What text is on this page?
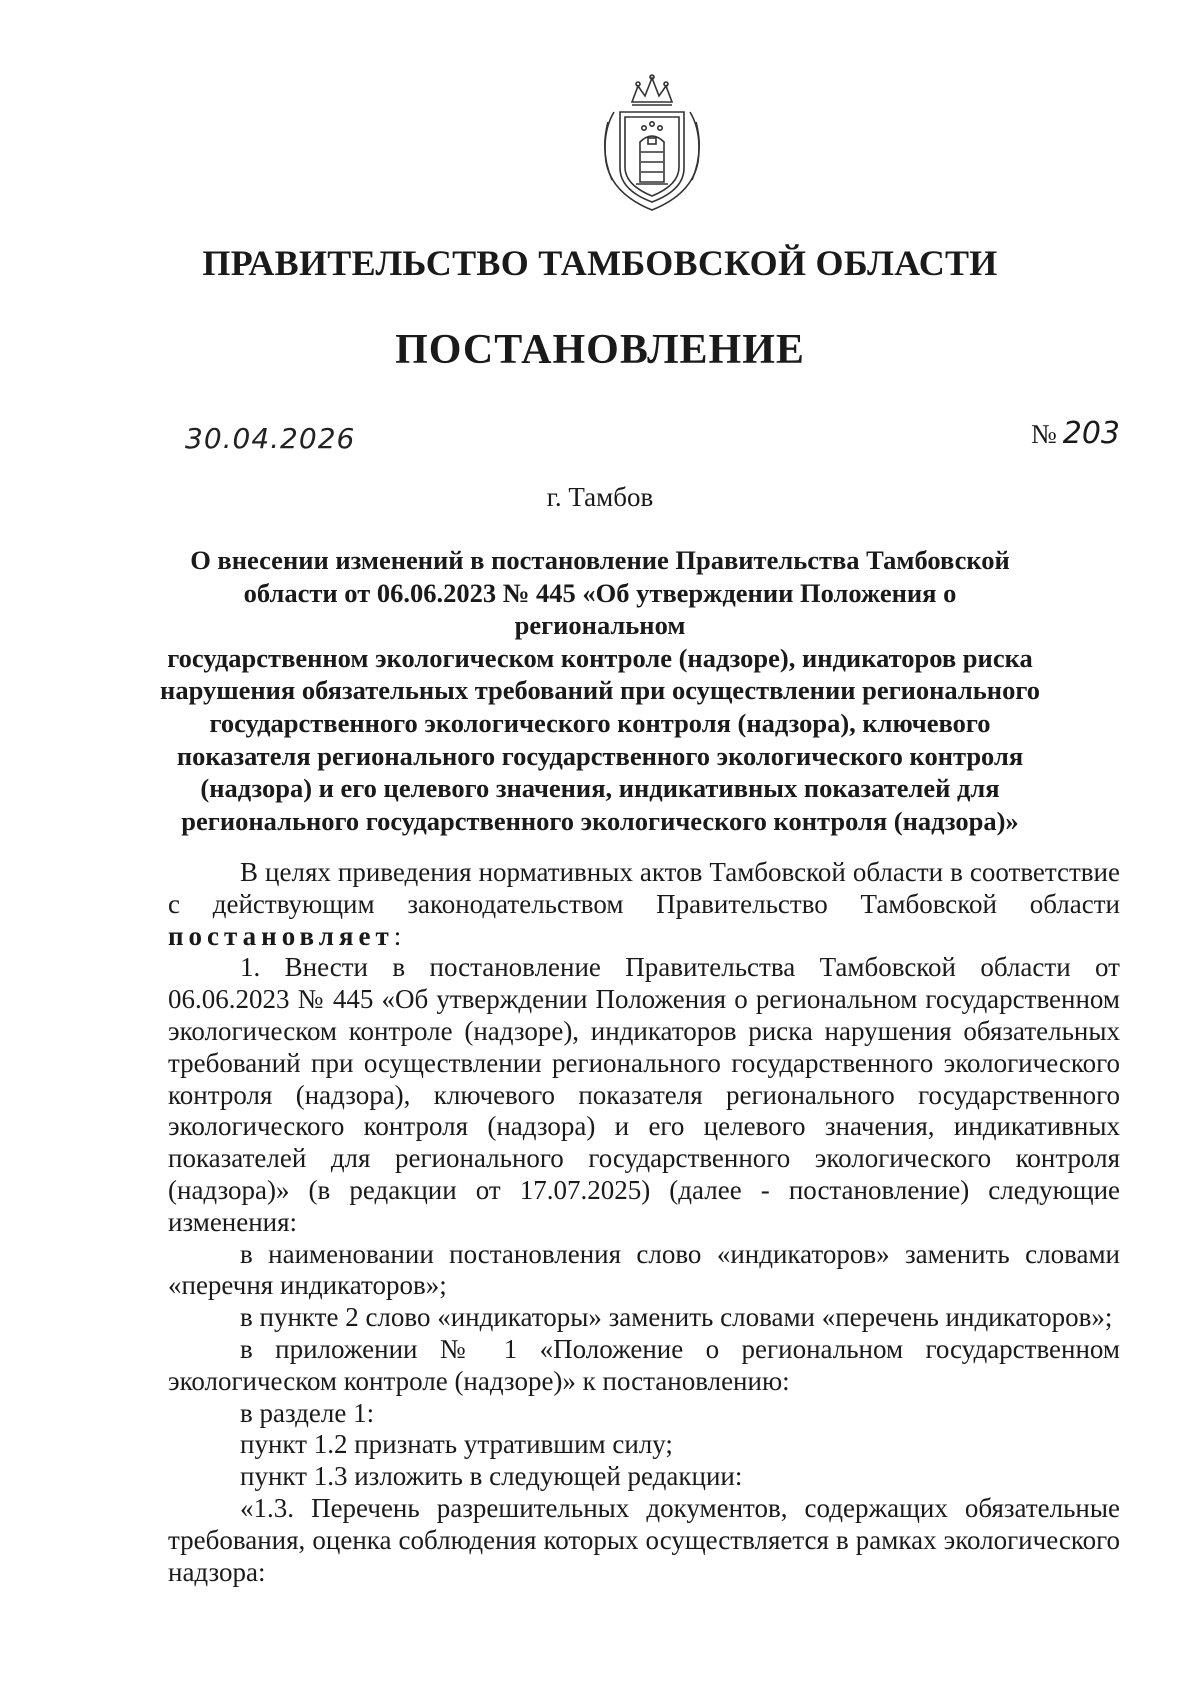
ПРАВИТЕЛЬСТВО ТАМБОВСКОЙ ОБЛАСТИ
ПОСТАНОВЛЕНИЕ
30.04.2026	№ 203
г. Тамбов
О внесении изменений в постановление Правительства Тамбовской
области от 06.06.2023 № 445 «Об утверждении Положения о региональном
государственном экологическом контроле (надзоре), индикаторов риска
нарушения обязательных требований при осуществлении регионального
государственного экологического контроля (надзора), ключевого
показателя регионального государственного экологического контроля
(надзора) и его целевого значения, индикативных показателей для
регионального государственного экологического контроля (надзора)»

В целях приведения нормативных актов Тамбовской области в соответствие с действующим законодательством Правительство Тамбовской области постановляет:

1. Внести в постановление Правительства Тамбовской области от 06.06.2023 № 445 «Об утверждении Положения о региональном государственном экологическом контроле (надзоре), индикаторов риска нарушения обязательных требований при осуществлении регионального государственного экологического контроля (надзора), ключевого показателя регионального государственного экологического контроля (надзора) и его целевого значения, индикативных показателей для регионального государственного экологического контроля (надзора)» (в редакции от 17.07.2025) (далее - постановление) следующие изменения:

в наименовании постановления слово «индикаторов» заменить словами «перечня индикаторов»;

в пункте 2 слово «индикаторы» заменить словами «перечень индикаторов»;

в приложении № 1 «Положение о региональном государственном экологическом контроле (надзоре)» к постановлению:

в разделе 1:

пункт 1.2 признать утратившим силу;

пункт 1.3 изложить в следующей редакции:

«1.3. Перечень разрешительных документов, содержащих обязательные требования, оценка соблюдения которых осуществляется в рамках экологического надзора:
